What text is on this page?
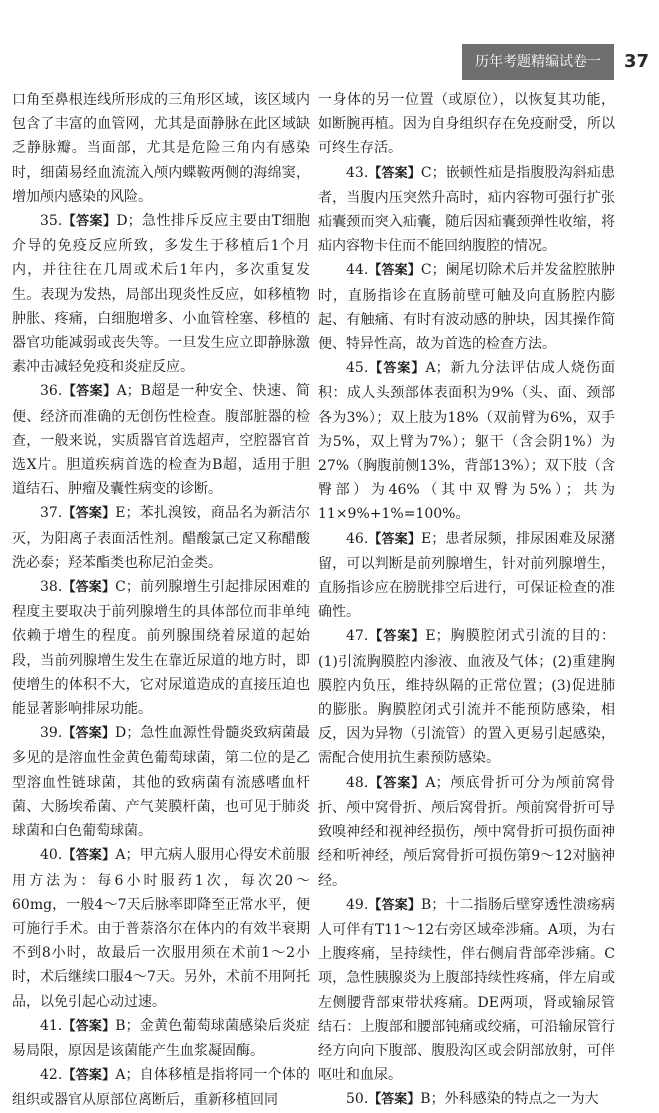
历年考题精编试卷一	37

口角至鼻根连线所形成的三角形区域，该区域内包含了丰富的血管网，尤其是面静脉在此区域缺乏静脉瓣。当面部，尤其是危险三角内有感染时，细菌易经血流流入颅内蝶鞍两侧的海绵窦，增加颅内感染的风险。

35.【答案】D；急性排斥反应主要由T细胞介导的免疫反应所致，多发生于移植后1个月内，并往往在几周或术后1年内，多次重复发生。表现为发热，局部出现炎性反应，如移植物肿胀、疼痛，白细胞增多、小血管栓塞、移植的器官功能减弱或丧失等。一旦发生应立即静脉激素冲击减轻免疫和炎症反应。

36.【答案】A；B超是一种安全、快速、简便、经济而准确的无创伤性检查。腹部脏器的检查，一般来说，实质器官首选超声，空腔器官首选X片。胆道疾病首选的检查为B超，适用于胆道结石、肿瘤及囊性病变的诊断。

37.【答案】E；苯扎溴铵，商品名为新洁尔灭，为阳离子表面活性剂。醋酸氯己定又称醋酸洗必泰；羟苯酯类也称尼泊金类。

38.【答案】C；前列腺增生引起排尿困难的程度主要取决于前列腺增生的具体部位而非单纯依赖于增生的程度。前列腺围绕着尿道的起始段，当前列腺增生发生在靠近尿道的地方时，即使增生的体积不大，它对尿道造成的直接压迫也能显著影响排尿功能。

39.【答案】D；急性血源性骨髓炎致病菌最多见的是溶血性金黄色葡萄球菌，第二位的是乙型溶血性链球菌，其他的致病菌有流感嗜血杆菌、大肠埃希菌、产气荚膜杆菌，也可见于肺炎球菌和白色葡萄球菌。

40.【答案】A；甲亢病人服用心得安术前服用方法为：每6小时服药1次，每次20～60mg，一般4～7天后脉率即降至正常水平，便可施行手术。由于普萘洛尔在体内的有效半衰期不到8小时，故最后一次服用须在术前1～2小时，术后继续口服4～7天。另外，术前不用阿托品，以免引起心动过速。

41.【答案】B；金黄色葡萄球菌感染后炎症易局限，原因是该菌能产生血浆凝固酶。

42.【答案】A；自体移植是指将同一个体的组织或器官从原部位离断后，重新移植回同

一身体的另一位置（或原位），以恢复其功能，如断腕再植。因为自身组织存在免疫耐受，所以可终生存活。

43.【答案】C；嵌顿性疝是指腹股沟斜疝患者，当腹内压突然升高时，疝内容物可强行扩张疝囊颈而突入疝囊，随后因疝囊颈弹性收缩，将疝内容物卡住而不能回纳腹腔的情况。

44.【答案】C；阑尾切除术后并发盆腔脓肿时，直肠指诊在直肠前壁可触及向直肠腔内膨起、有触痛、有时有波动感的肿块，因其操作简便、特异性高，故为首选的检查方法。

45.【答案】A；新九分法评估成人烧伤面积：成人头颈部体表面积为9%（头、面、颈部各为3%）；双上肢为18%（双前臂为6%，双手为5%，双上臂为7%）；躯干（含会阴1%）为27%（胸腹前侧13%，背部13%）；双下肢（含臀部）为46%（其中双臀为5%）；共为11×9%+1%=100%。

46.【答案】E；患者尿频，排尿困难及尿潴留，可以判断是前列腺增生，针对前列腺增生，直肠指诊应在膀胱排空后进行，可保证检查的准确性。

47.【答案】E；胸膜腔闭式引流的目的：(1)引流胸膜腔内渗液、血液及气体；(2)重建胸膜腔内负压，维持纵隔的正常位置；(3)促进肺的膨胀。胸膜腔闭式引流并不能预防感染，相反，因为异物（引流管）的置入更易引起感染，需配合使用抗生素预防感染。

48.【答案】A；颅底骨折可分为颅前窝骨折、颅中窝骨折、颅后窝骨折。颅前窝骨折可导致嗅神经和视神经损伤，颅中窝骨折可损伤面神经和听神经，颅后窝骨折可损伤第9～12对脑神经。

49.【答案】B；十二指肠后壁穿透性溃疡病人可伴有T11～12右旁区域牵涉痛。A项，为右上腹疼痛，呈持续性，伴右侧肩背部牵涉痛。C项，急性胰腺炎为上腹部持续性疼痛，伴左肩或左侧腰背部束带状疼痛。DE两项，肾或输尿管结石：上腹部和腰部钝痛或绞痛，可沿输尿管行经方向向下腹部、腹股沟区或会阴部放射，可伴呕吐和血尿。

50.【答案】B；外科感染的特点之一为大
